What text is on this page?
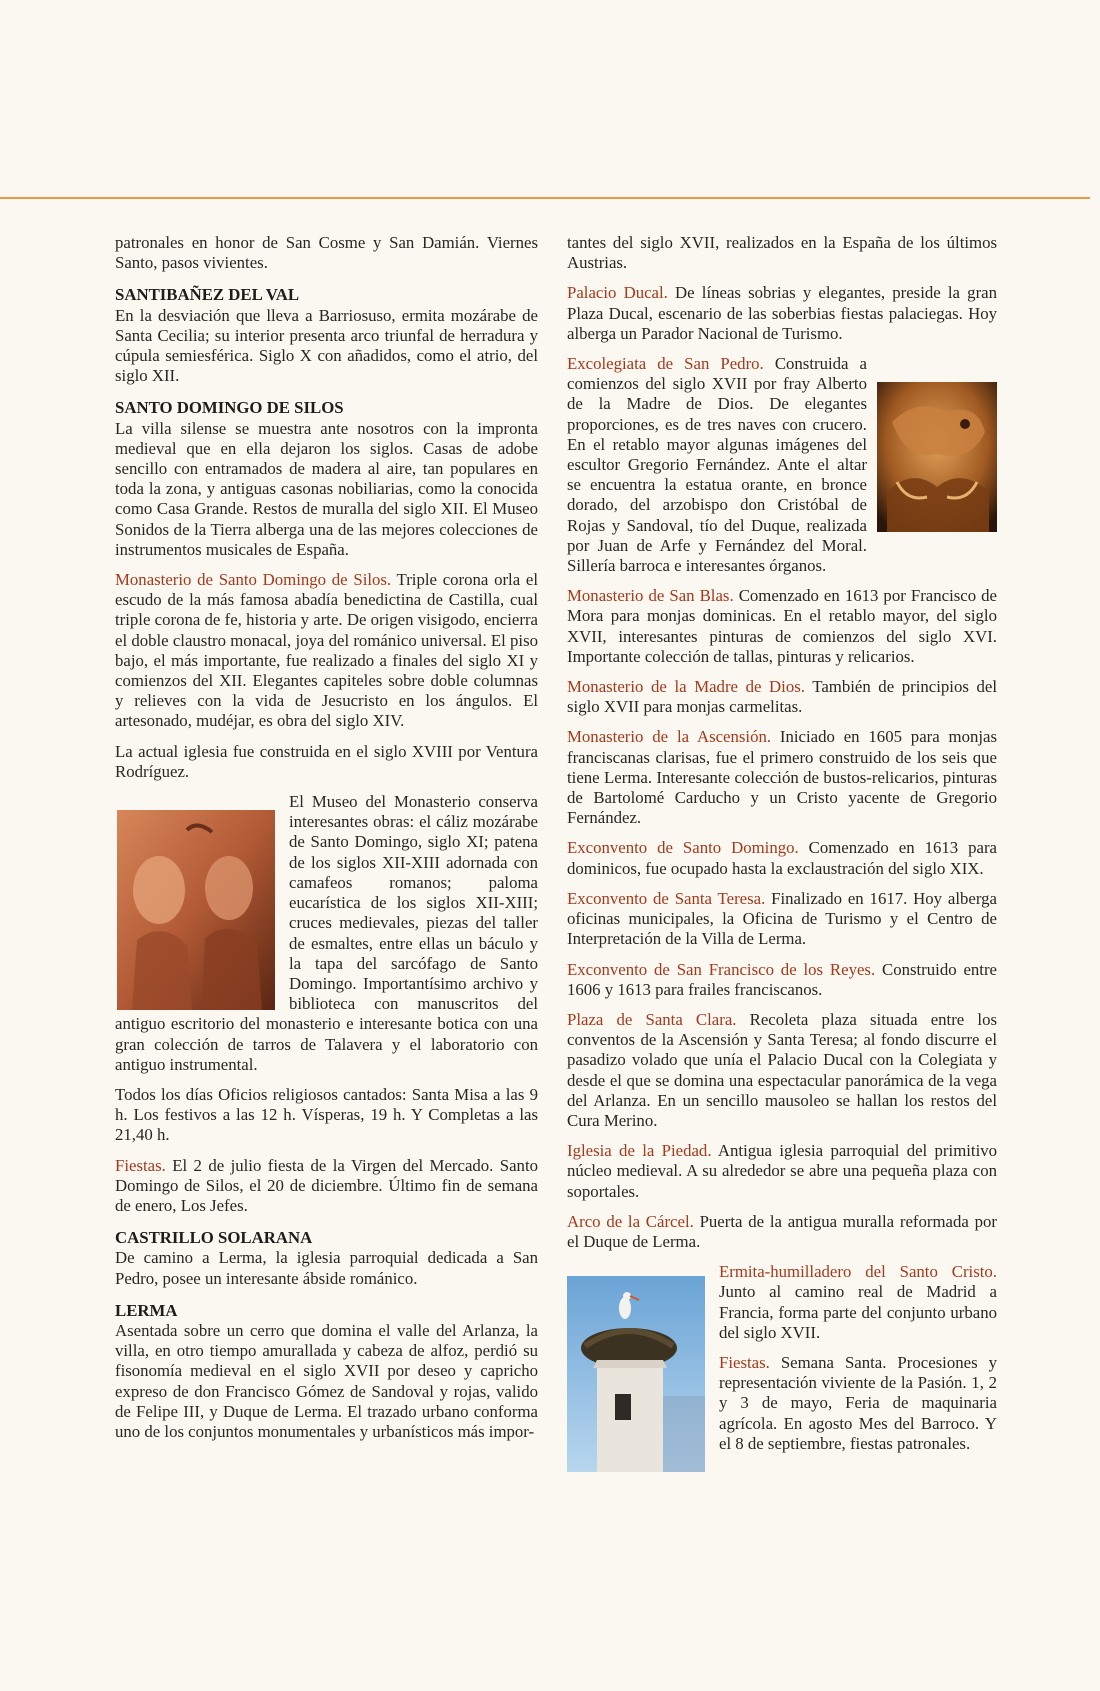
patronales en honor de San Cosme y San Damián. Viernes Santo, pasos vivientes.

SANTIBAÑEZ DEL VAL

En la desviación que lleva a Barriosuso, ermita mozárabe de Santa Cecilia; su interior presenta arco triunfal de herradura y cúpula semiesférica. Siglo X con añadidos, como el atrio, del siglo XII.

SANTO DOMINGO DE SILOS

La villa silense se muestra ante nosotros con la impronta medieval que en ella dejaron los siglos. Casas de adobe sencillo con entramados de madera al aire, tan populares en toda la zona, y antiguas casonas nobiliarias, como la conocida como Casa Grande. Restos de muralla del siglo XII. El Museo Sonidos de la Tierra alberga una de las mejores colecciones de instrumentos musicales de España.

Monasterio de Santo Domingo de Silos. Triple corona orla el escudo de la más famosa abadía benedictina de Castilla, cual triple corona de fe, historia y arte. De origen visigodo, encierra el doble claustro monacal, joya del románico universal. El piso bajo, el más importante, fue realizado a finales del siglo XI y comienzos del XII. Elegantes capiteles sobre doble columnas y relieves con la vida de Jesucristo en los ángulos. El artesonado, mudéjar, es obra del siglo XIV.

La actual iglesia fue construida en el siglo XVIII por Ventura Rodríguez.

El Museo del Monasterio conserva interesantes obras: el cáliz mozárabe de Santo Domingo, siglo XI; patena de los siglos XII-XIII adornada con camafeos romanos; paloma eucarística de los siglos XII-XIII; cruces medievales, piezas del taller de esmaltes, entre ellas un báculo y la tapa del sarcófago de Santo Domingo. Importantísimo archivo y biblioteca con manuscritos del antiguo escritorio del monasterio e interesante botica con una gran colección de tarros de Talavera y el laboratorio con antiguo instrumental.

Todos los días Oficios religiosos cantados: Santa Misa a las 9 h. Los festivos a las 12 h. Vísperas, 19 h. Y Completas a las 21,40 h.

Fiestas. El 2 de julio fiesta de la Virgen del Mercado. Santo Domingo de Silos, el 20 de diciembre. Último fin de semana de enero, Los Jefes.

CASTRILLO SOLARANA

De camino a Lerma, la iglesia parroquial dedicada a San Pedro, posee un interesante ábside románico.

LERMA

Asentada sobre un cerro que domina el valle del Arlanza, la villa, en otro tiempo amurallada y cabeza de alfoz, perdió su fisonomía medieval en el siglo XVII por deseo y capricho expreso de don Francisco Gómez de Sandoval y rojas, valido de Felipe III, y Duque de Lerma. El trazado urbano conforma uno de los conjuntos monumentales y urbanísticos más impor-

tantes del siglo XVII, realizados en la España de los últimos Austrias.

Palacio Ducal. De líneas sobrias y elegantes, preside la gran Plaza Ducal, escenario de las soberbias fiestas palaciegas. Hoy alberga un Parador Nacional de Turismo.

Excolegiata de San Pedro. Construida a comienzos del siglo XVII por fray Alberto de la Madre de Dios. De elegantes proporciones, es de tres naves con crucero. En el retablo mayor algunas imágenes del escultor Gregorio Fernández. Ante el altar se encuentra la estatua orante, en bronce dorado, del arzobispo don Cristóbal de Rojas y Sandoval, tío del Duque, realizada por Juan de Arfe y Fernández del Moral. Sillería barroca e interesantes órganos.

Monasterio de San Blas. Comenzado en 1613 por Francisco de Mora para monjas dominicas. En el retablo mayor, del siglo XVII, interesantes pinturas de comienzos del siglo XVI. Importante colección de tallas, pinturas y relicarios.

Monasterio de la Madre de Dios. También de principios del siglo XVII para monjas carmelitas.

Monasterio de la Ascensión. Iniciado en 1605 para monjas franciscanas clarisas, fue el primero construido de los seis que tiene Lerma. Interesante colección de bustos-relicarios, pinturas de Bartolomé Carducho y un Cristo yacente de Gregorio Fernández.

Exconvento de Santo Domingo. Comenzado en 1613 para dominicos, fue ocupado hasta la exclaustración del siglo XIX.

Exconvento de Santa Teresa. Finalizado en 1617. Hoy alberga oficinas municipales, la Oficina de Turismo y el Centro de Interpretación de la Villa de Lerma.

Exconvento de San Francisco de los Reyes. Construido entre 1606 y 1613 para frailes franciscanos.

Plaza de Santa Clara. Recoleta plaza situada entre los conventos de la Ascensión y Santa Teresa; al fondo discurre el pasadizo volado que unía el Palacio Ducal con la Colegiata y desde el que se domina una espectacular panorámica de la vega del Arlanza. En un sencillo mausoleo se hallan los restos del Cura Merino.

Iglesia de la Piedad. Antigua iglesia parroquial del primitivo núcleo medieval. A su alrededor se abre una pequeña plaza con soportales.

Arco de la Cárcel. Puerta de la antigua muralla reformada por el Duque de Lerma.

Ermita-humilladero del Santo Cristo. Junto al camino real de Madrid a Francia, forma parte del conjunto urbano del siglo XVII.

Fiestas. Semana Santa. Procesiones y representación viviente de la Pasión. 1, 2 y 3 de mayo, Feria de maquinaria agrícola. En agosto Mes del Barroco. Y el 8 de septiembre, fiestas patronales.
